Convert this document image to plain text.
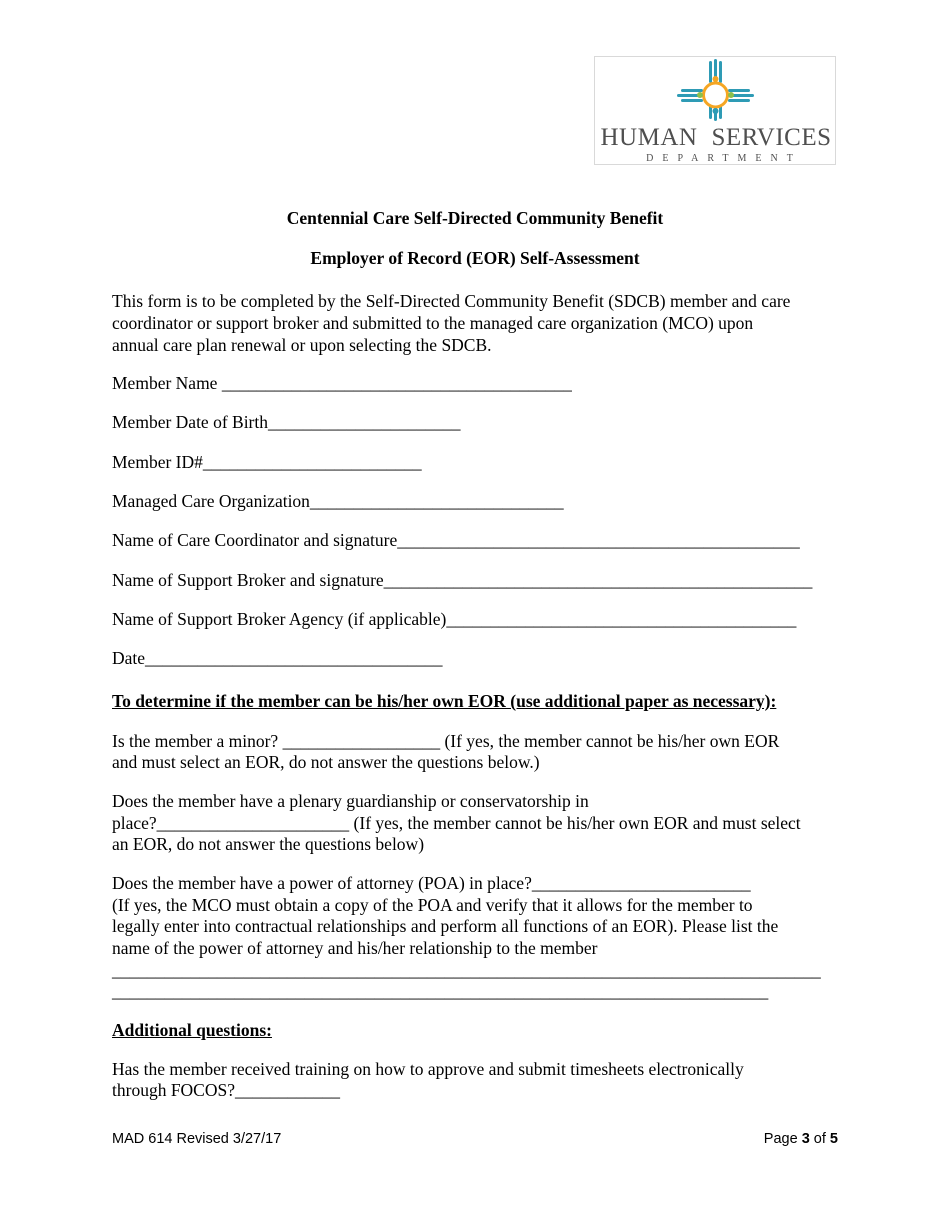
HUMAN SERVICES
DEPARTMENT
Centennial Care Self-Directed Community Benefit
Employer of Record (EOR) Self-Assessment
This form is to be completed by the Self-Directed Community Benefit (SDCB) member and care
coordinator or support broker and submitted to the managed care organization (MCO) upon
annual care plan renewal or upon selecting the SDCB.
Member Name ________________________________________
Member Date of Birth______________________
Member ID#_________________________
Managed Care Organization_____________________________
Name of Care Coordinator and signature______________________________________________
Name of Support Broker and signature_________________________________________________
Name of Support Broker Agency (if applicable)________________________________________
Date__________________________________
To determine if the member can be his/her own EOR (use additional paper as necessary):
Is the member a minor? __________________ (If yes, the member cannot be his/her own EOR
and must select an EOR, do not answer the questions below.)
Does the member have a plenary guardianship or conservatorship in
place?______________________ (If yes, the member cannot be his/her own EOR and must select
an EOR, do not answer the questions below)
Does the member have a power of attorney (POA) in place?_________________________
(If yes, the MCO must obtain a copy of the POA and verify that it allows for the member to
legally enter into contractual relationships and perform all functions of an EOR). Please list the
name of the power of attorney and his/her relationship to the member
_________________________________________________________________________________
___________________________________________________________________________
Additional questions:
Has the member received training on how to approve and submit timesheets electronically
through FOCOS?____________
MAD 614 Revised 3/27/17	Page 3 of 5
